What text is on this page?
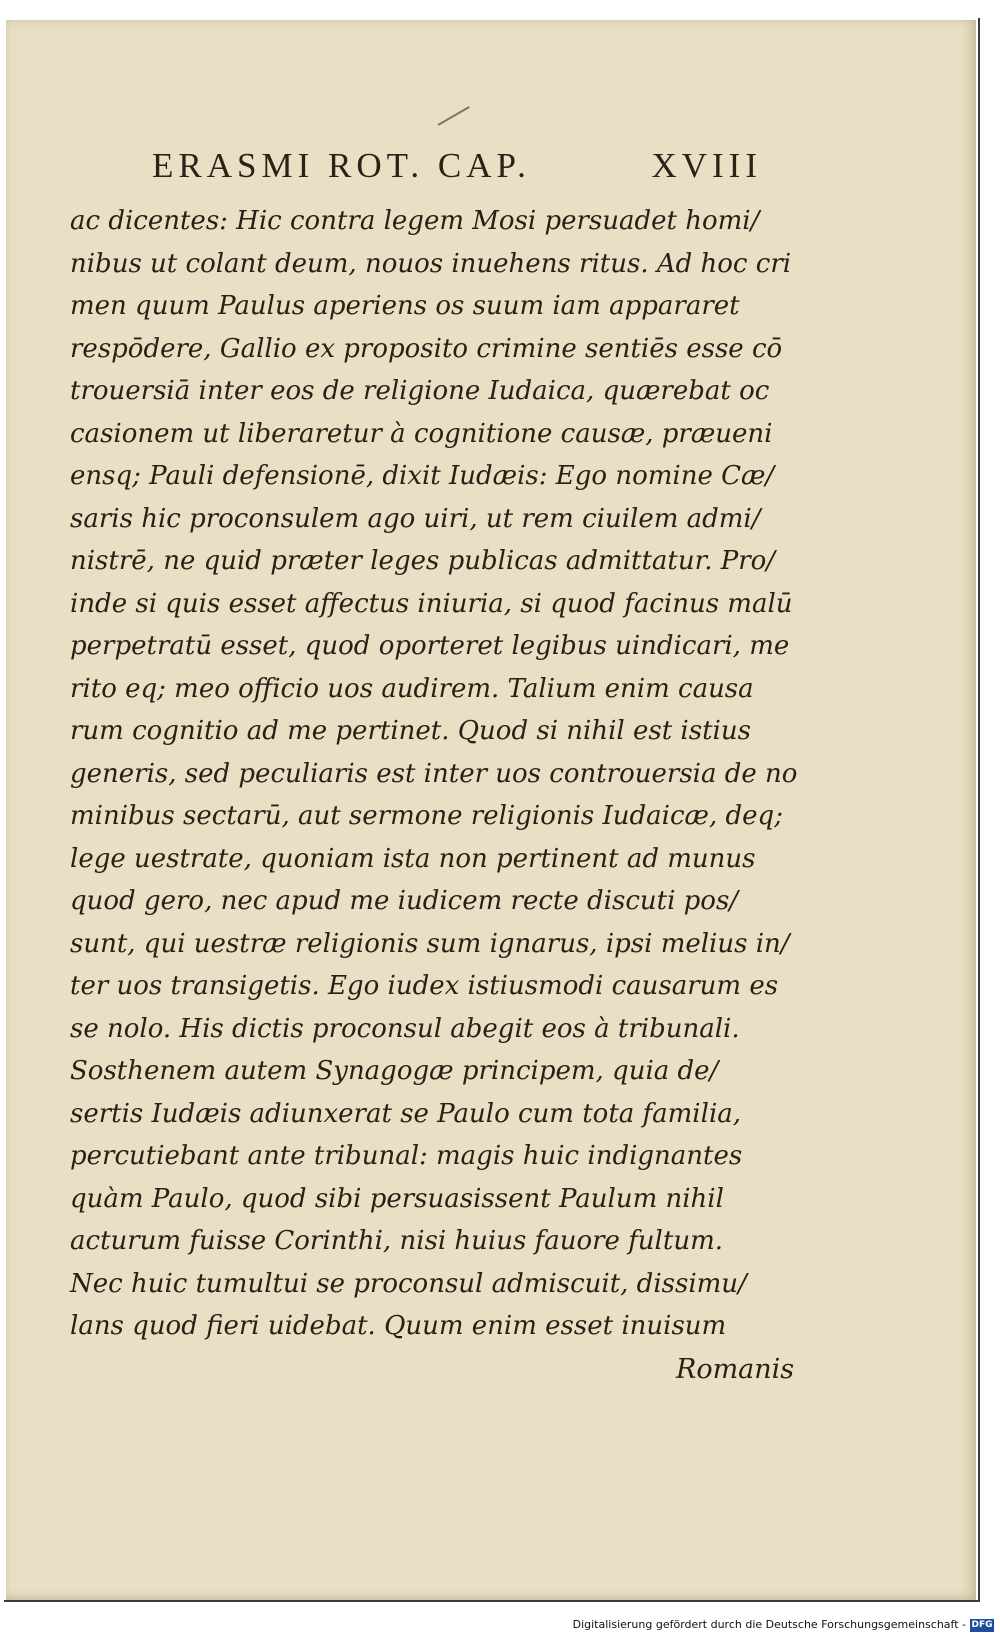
ERASMI ROT. CAP.	XVIII
ac dicentes: Hic contra legem Mosi persuadet homi/
nibus ut colant deum, nouos inuehens ritus. Ad hoc cri
men quum Paulus aperiens os suum iam appararet
respōdere, Gallio ex proposito crimine sentiēs esse cō
trouersiā inter eos de religione Iudaica, quærebat oc
casionem ut liberaretur à cognitione causæ, præueni
ensq; Pauli defensionē, dixit Iudæis: Ego nomine Cæ/
saris hic proconsulem ago uiri, ut rem ciuilem admi/
nistrē, ne quid præter leges publicas admittatur. Pro/
inde si quis esset affectus iniuria, si quod facinus malū
perpetratū esset, quod oporteret legibus uindicari, me
rito eq; meo officio uos audirem. Talium enim causa
rum cognitio ad me pertinet. Quod si nihil est istius
generis, sed peculiaris est inter uos controuersia de no
minibus sectarū, aut sermone religionis Iudaicæ, deq;
lege uestrate, quoniam ista non pertinent ad munus
quod gero, nec apud me iudicem recte discuti pos/
sunt, qui uestræ religionis sum ignarus, ipsi melius in/
ter uos transigetis. Ego iudex istiusmodi causarum es
se nolo. His dictis proconsul abegit eos à tribunali.
Sosthenem autem Synagogæ principem, quia de/
sertis Iudæis adiunxerat se Paulo cum tota familia,
percutiebant ante tribunal: magis huic indignantes
quàm Paulo, quod sibi persuasissent Paulum nihil
acturum fuisse Corinthi, nisi huius fauore fultum.
Nec huic tumultui se proconsul admiscuit, dissimu/
lans quod fieri uidebat. Quum enim esset inuisum
Romanis
Digitalisierung gefördert durch die Deutsche Forschungsgemeinschaft - DFG
